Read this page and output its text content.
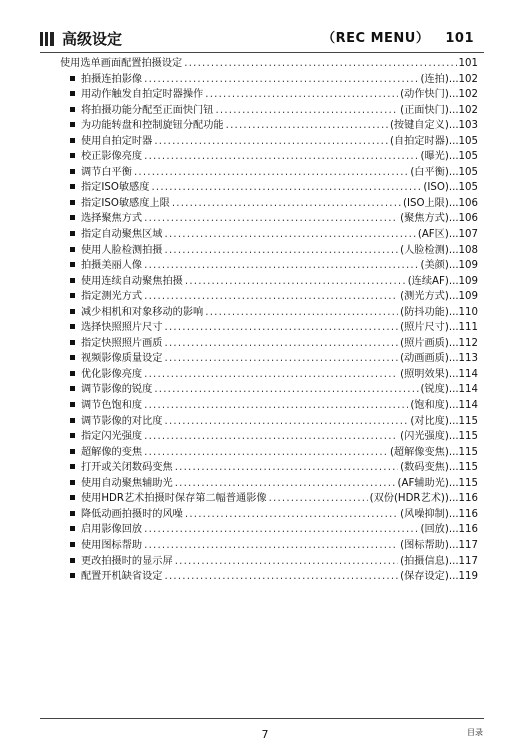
高级设定	（REC MENU） 101
使用选单画面配置拍摄设定 .....	101
拍摄连拍影像 .....	(连拍)...102
用动作触发自拍定时器操作 .....	(动作快门)...102
将拍摄功能分配至正面快门钮 .....	(正面快门)...102
为功能转盘和控制旋钮分配功能 .....	(按键自定义)...103
使用自拍定时器 .....	(自拍定时器)...105
校正影像亮度 .....	(曝光)...105
调节白平衡 .....	(白平衡)...105
指定ISO敏感度 .....	(ISO)...105
指定ISO敏感度上限 .....	(ISO上限)...106
选择聚焦方式 .....	(聚焦方式)...106
指定自动聚焦区域 .....	(AF区)...107
使用人脸检测拍摄 .....	(人脸检测)...108
拍摄美丽人像 .....	(美颜)...109
使用连续自动聚焦拍摄 .....	(连续AF)...109
指定测光方式 .....	(测光方式)...109
减少相机和对象移动的影响 .....	(防抖功能)...110
选择快照照片尺寸 .....	(照片尺寸)...111
指定快照照片画质 .....	(照片画质)...112
视频影像质量设定 .....	(动画画质)...113
优化影像亮度 .....	(照明效果)...114
调节影像的锐度 .....	(锐度)...114
调节色饱和度 .....	(饱和度)...114
调节影像的对比度 .....	(对比度)...115
指定闪光强度 .....	(闪光强度)...115
超解像的变焦 .....	(超解像变焦)...115
打开或关闭数码变焦 .....	(数码变焦)...115
使用自动聚焦辅助光 .....	(AF辅助光)...115
使用HDR艺术拍摄时保存第二幅普通影像 .....	(双份(HDR艺术))...116
降低动画拍摄时的风噪 .....	(风噪抑制)...116
启用影像回放 .....	(回放)...116
使用图标帮助 .....	(图标帮助)...117
更改拍摄时的显示屏 .....	(拍摄信息)...117
配置开机缺省设定 .....	(保存设定)...119
7	目录
